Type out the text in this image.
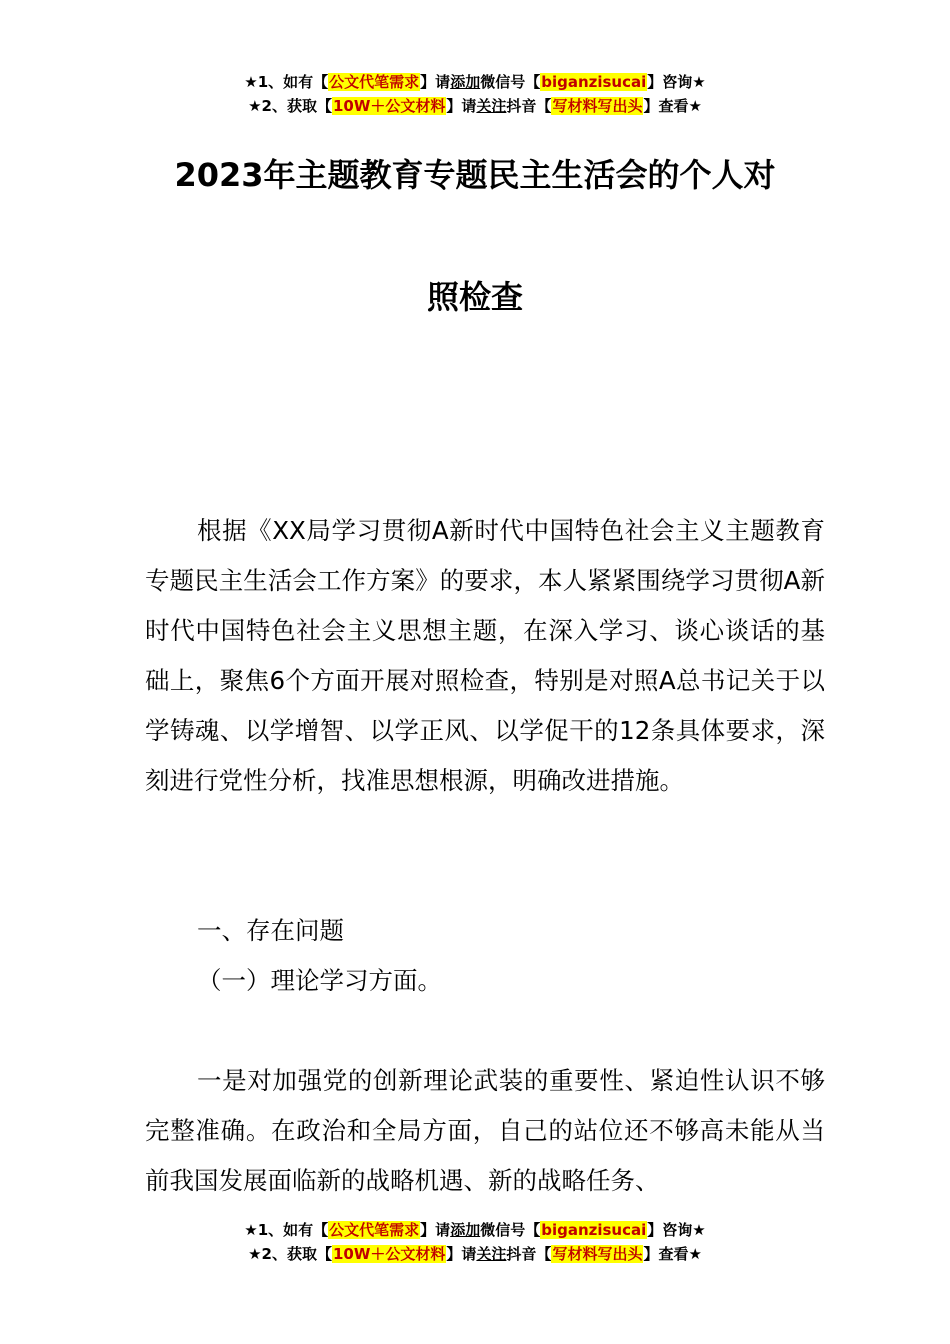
★1、如有【公文代笔需求】请添加微信号【biganzisucai】咨询★
★2、获取【10W＋公文材料】请关注抖音【写材料写出头】查看★
2023年主题教育专题民主生活会的个人对
照检查

根据《XX局学习贯彻A新时代中国特色社会主义主题教育专题民主生活会工作方案》的要求，本人紧紧围绕学习贯彻A新时代中国特色社会主义思想主题，在深入学习、谈心谈话的基础上，聚焦6个方面开展对照检查，特别是对照A总书记关于以学铸魂、以学增智、以学正风、以学促干的12条具体要求，深刻进行党性分析，找准思想根源，明确改进措施。

一、存在问题

（一）理论学习方面。

一是对加强党的创新理论武装的重要性、紧迫性认识不够完整准确。在政治和全局方面，自己的站位还不够高未能从当前我国发展面临新的战略机遇、新的战略任务、

★1、如有【公文代笔需求】请添加微信号【biganzisucai】咨询★
★2、获取【10W＋公文材料】请关注抖音【写材料写出头】查看★
